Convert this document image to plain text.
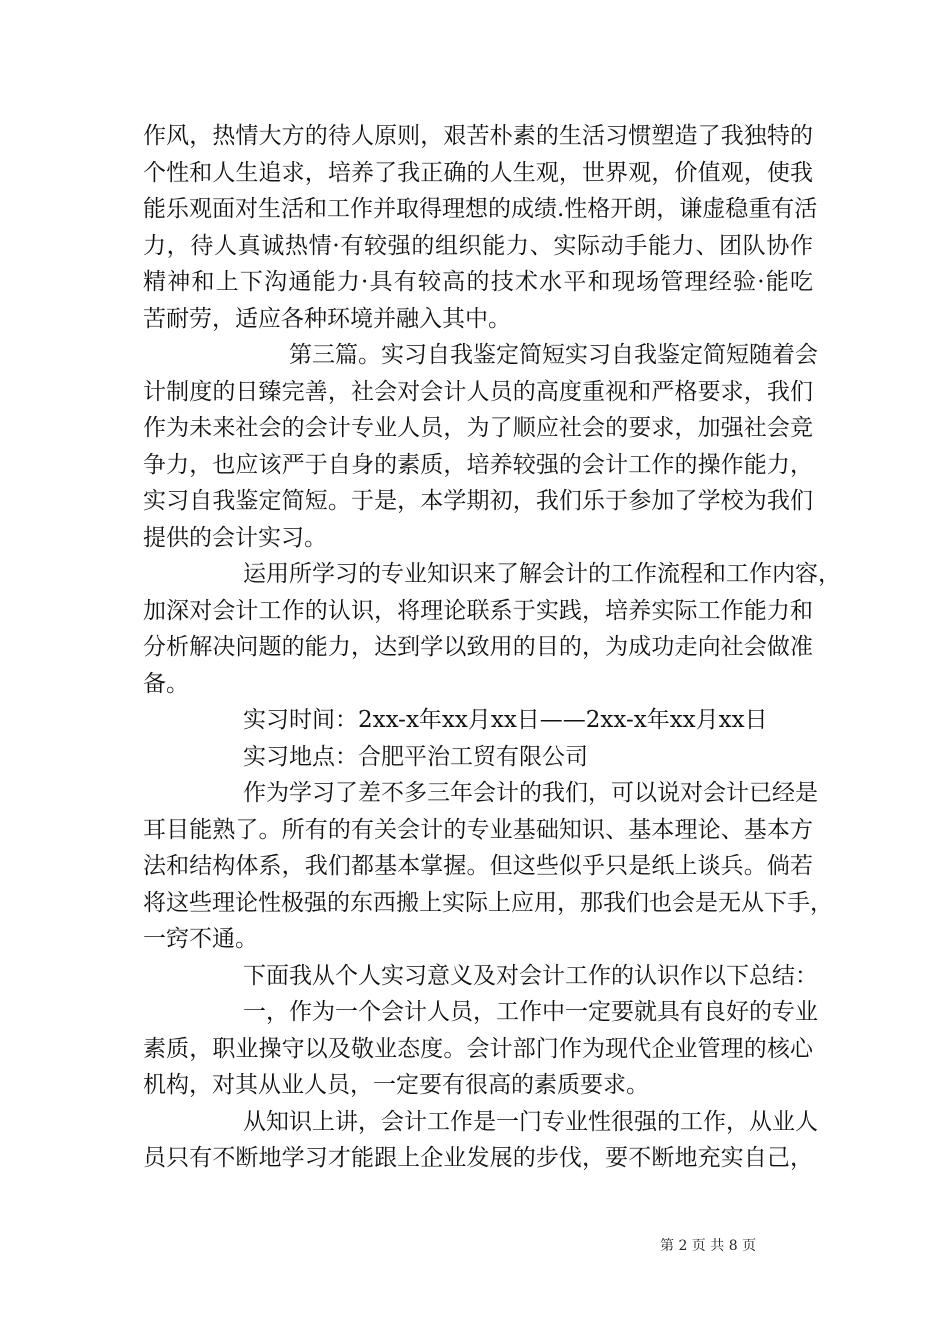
作风，热情大方的待人原则，艰苦朴素的生活习惯塑造了我独特的
个性和人生追求，培养了我正确的人生观，世界观，价值观，使我
能乐观面对生活和工作并取得理想的成绩.性格开朗，谦虚稳重有活
力，待人真诚热情·有较强的组织能力、实际动手能力、团队协作
精神和上下沟通能力·具有较高的技术水平和现场管理经验·能吃
苦耐劳，适应各种环境并融入其中。
第三篇。实习自我鉴定简短实习自我鉴定简短随着会
计制度的日臻完善，社会对会计人员的高度重视和严格要求，我们
作为未来社会的会计专业人员，为了顺应社会的要求，加强社会竞
争力，也应该严于自身的素质，培养较强的会计工作的操作能力，
实习自我鉴定简短。于是，本学期初，我们乐于参加了学校为我们
提供的会计实习。
运用所学习的专业知识来了解会计的工作流程和工作内容，
加深对会计工作的认识，将理论联系于实践，培养实际工作能力和
分析解决问题的能力，达到学以致用的目的，为成功走向社会做准
备。
实习时间：2xx-x年xx月xx日——2xx-x年xx月xx日
实习地点：合肥平治工贸有限公司
作为学习了差不多三年会计的我们，可以说对会计已经是
耳目能熟了。所有的有关会计的专业基础知识、基本理论、基本方
法和结构体系，我们都基本掌握。但这些似乎只是纸上谈兵。倘若
将这些理论性极强的东西搬上实际上应用，那我们也会是无从下手，
一窍不通。
下面我从个人实习意义及对会计工作的认识作以下总结：
一，作为一个会计人员，工作中一定要就具有良好的专业
素质，职业操守以及敬业态度。会计部门作为现代企业管理的核心
机构，对其从业人员，一定要有很高的素质要求。
从知识上讲，会计工作是一门专业性很强的工作，从业人
员只有不断地学习才能跟上企业发展的步伐，要不断地充实自己，
第 2 页 共 8 页
